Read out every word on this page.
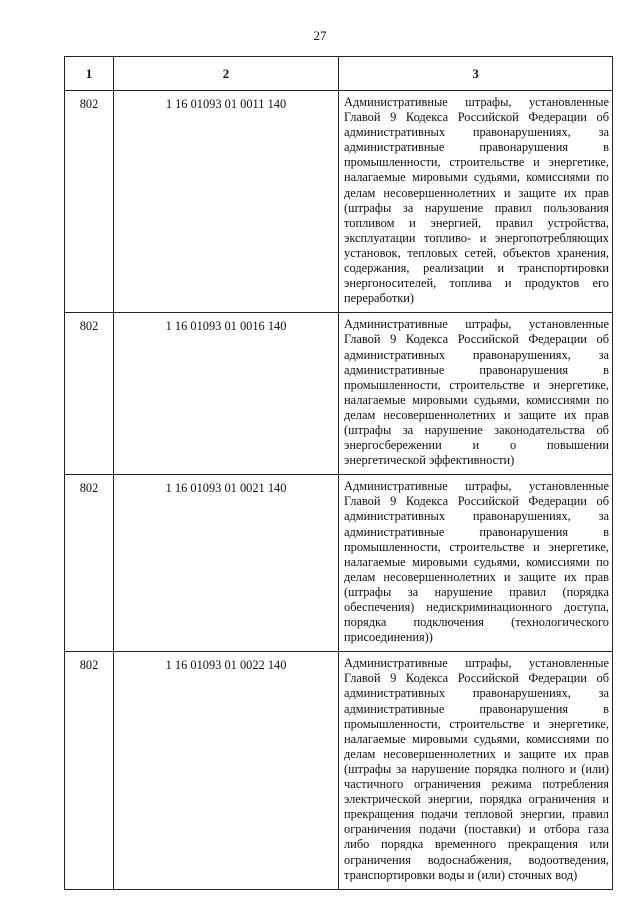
27
1	2	3
802	1 16 01093 01 0011 140	Административные штрафы, установленные Главой 9 Кодекса Российской Федерации об административных правонарушениях, за административные правонарушения в промышленности, строительстве и энергетике, налагаемые мировыми судьями, комиссиями по делам несовершеннолетних и защите их прав (штрафы за нарушение правил пользования топливом и энергией, правил устройства, эксплуатации топливо- и энергопотребляющих установок, тепловых сетей, объектов хранения, содержания, реализации и транспортировки энергоносителей, топлива и продуктов его переработки)
802	1 16 01093 01 0016 140	Административные штрафы, установленные Главой 9 Кодекса Российской Федерации об административных правонарушениях, за административные правонарушения в промышленности, строительстве и энергетике, налагаемые мировыми судьями, комиссиями по делам несовершеннолетних и защите их прав (штрафы за нарушение законодательства об энергосбережении и о повышении энергетической эффективности)
802	1 16 01093 01 0021 140	Административные штрафы, установленные Главой 9 Кодекса Российской Федерации об административных правонарушениях, за административные правонарушения в промышленности, строительстве и энергетике, налагаемые мировыми судьями, комиссиями по делам несовершеннолетних и защите их прав (штрафы за нарушение правил (порядка обеспечения) недискриминационного доступа, порядка подключения (технологического присоединения))
802	1 16 01093 01 0022 140	Административные штрафы, установленные Главой 9 Кодекса Российской Федерации об административных правонарушениях, за административные правонарушения в промышленности, строительстве и энергетике, налагаемые мировыми судьями, комиссиями по делам несовершеннолетних и защите их прав (штрафы за нарушение порядка полного и (или) частичного ограничения режима потребления электрической энергии, порядка ограничения и прекращения подачи тепловой энергии, правил ограничения подачи (поставки) и отбора газа либо порядка временного прекращения или ограничения водоснабжения, водоотведения, транспортировки воды и (или) сточных вод)
